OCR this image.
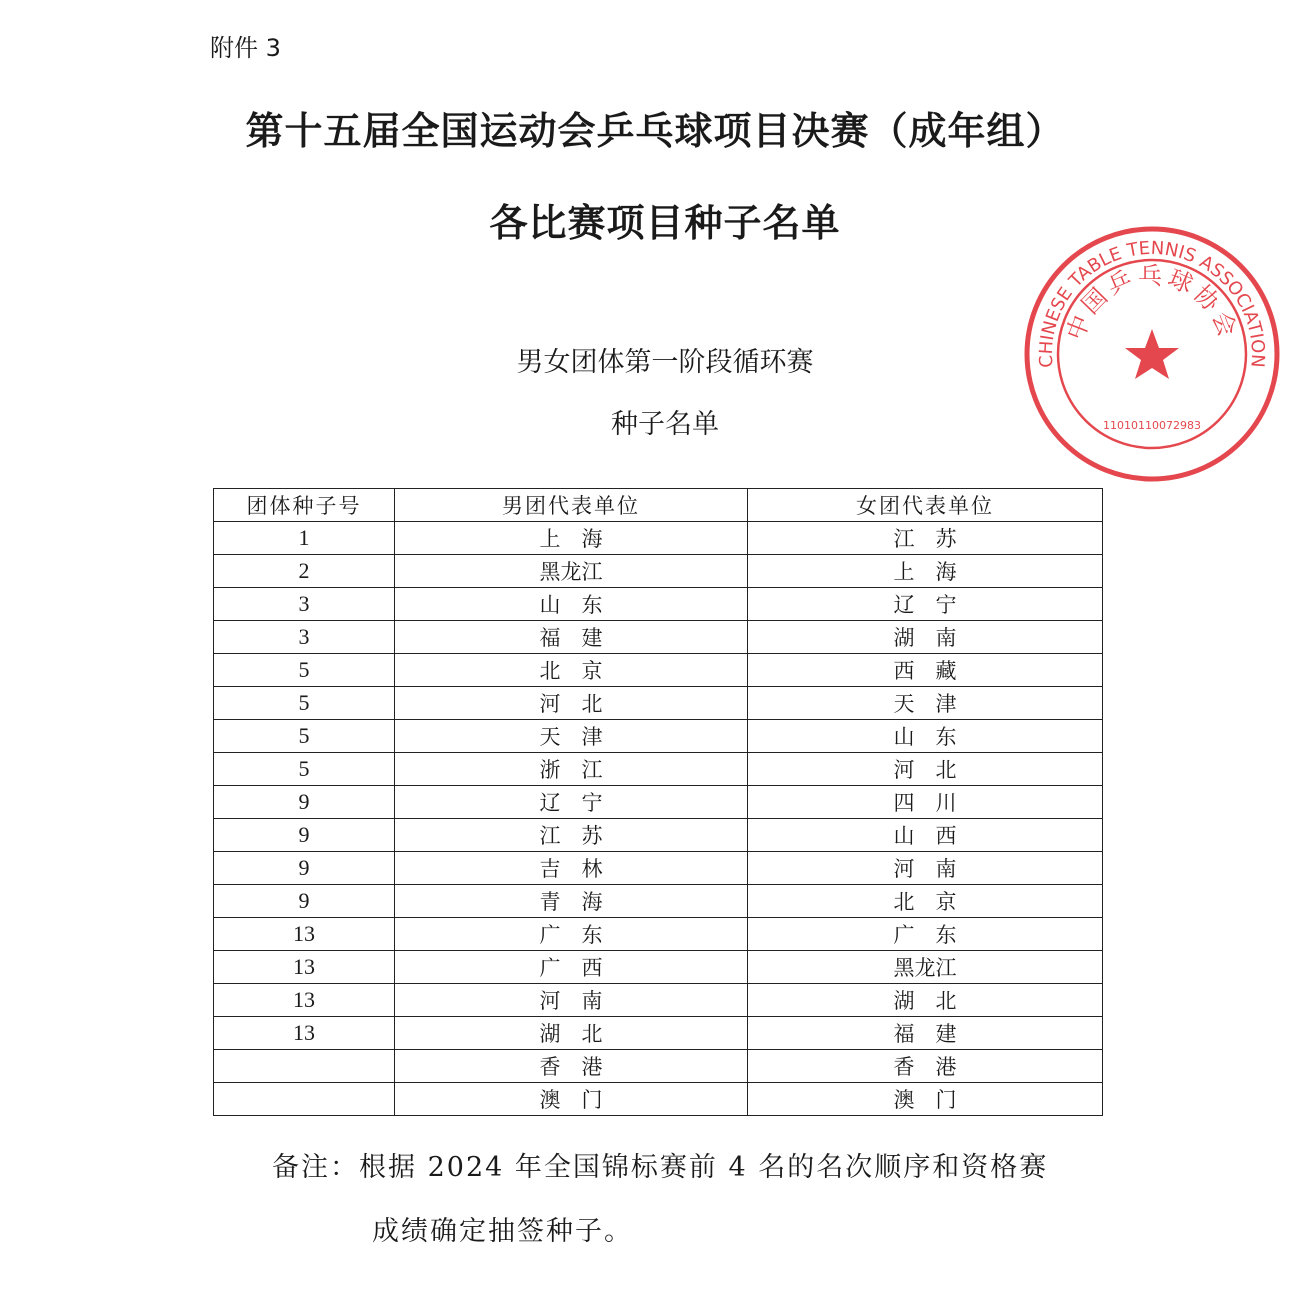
附件 3
第十五届全国运动会乒乓球项目决赛（成年组）
各比赛项目种子名单
男女团体第一阶段循环赛
种子名单
团体种子号	男团代表单位	女团代表单位
1	上　海	江　苏
2	黑龙江	上　海
3	山　东	辽　宁
3	福　建	湖　南
5	北　京	西　藏
5	河　北	天　津
5	天　津	山　东
5	浙　江	河　北
9	辽　宁	四　川
9	江　苏	山　西
9	吉　林	河　南
9	青　海	北　京
13	广　东	广　东
13	广　西	黑龙江
13	河　南	湖　北
13	湖　北	福　建
	香　港	香　港
	澳　门	澳　门
备注：根据 2024 年全国锦标赛前 4 名的名次顺序和资格赛
成绩确定抽签种子。
CHINESE TABLE TENNIS ASSOCIATION
中国乒乓球协会
11010110072983
